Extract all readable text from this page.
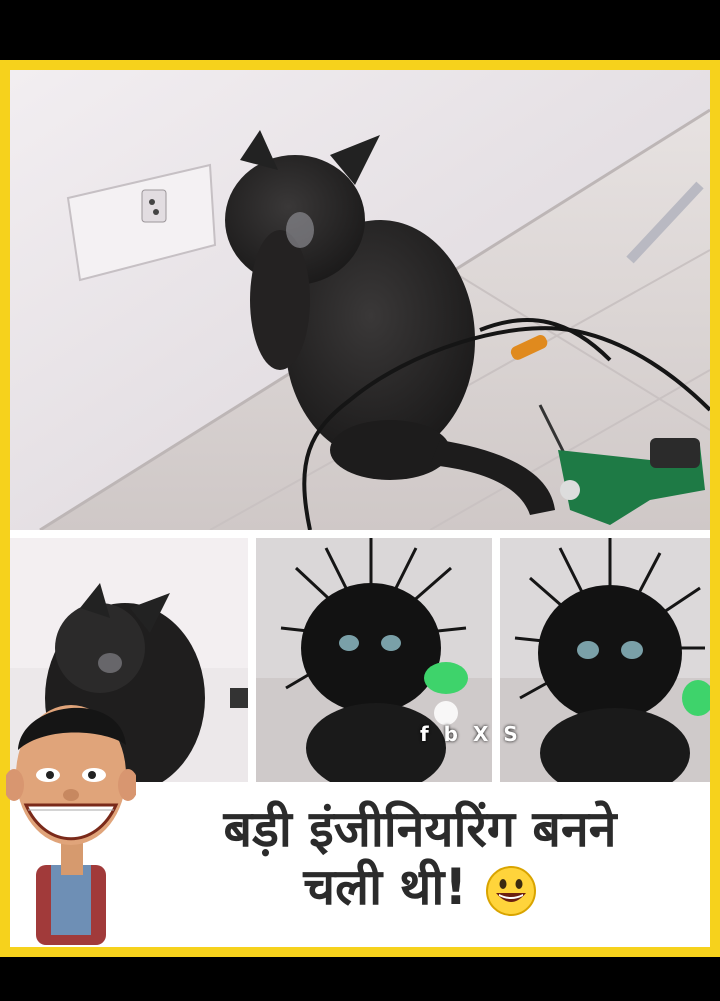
f b X S
बड़ी इंजीनियरिंग बनने
चली थी!
